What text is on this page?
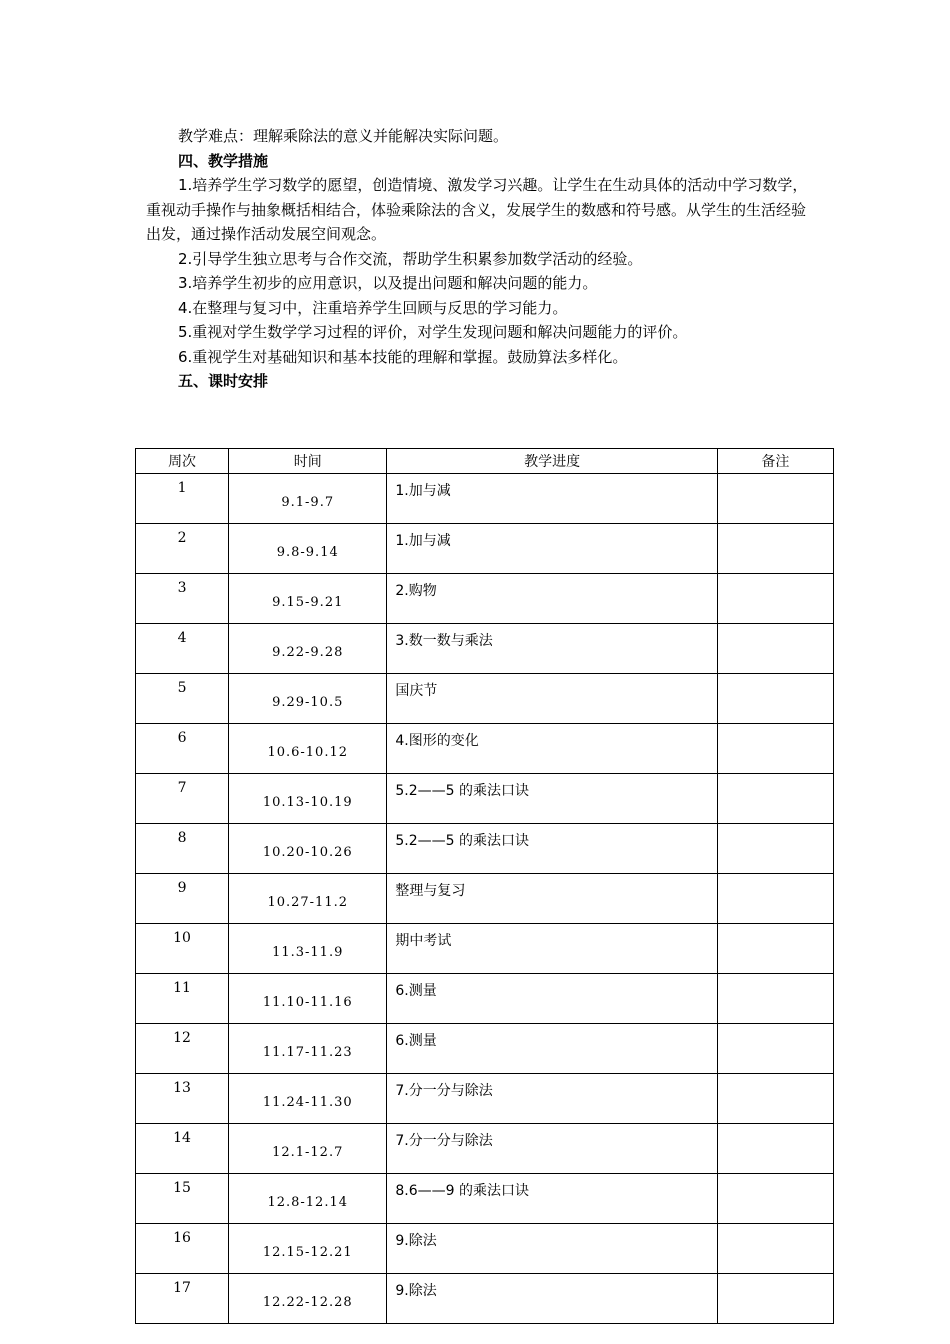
教学难点：理解乘除法的意义并能解决实际问题。

四、教学措施

1.培养学生学习数学的愿望，创造情境、激发学习兴趣。让学生在生动具体的活动中学习数学，重视动手操作与抽象概括相结合，体验乘除法的含义，发展学生的数感和符号感。从学生的生活经验出发，通过操作活动发展空间观念。

2.引导学生独立思考与合作交流，帮助学生积累参加数学活动的经验。

3.培养学生初步的应用意识，以及提出问题和解决问题的能力。

4.在整理与复习中，注重培养学生回顾与反思的学习能力。

5.重视对学生数学学习过程的评价，对学生发现问题和解决问题能力的评价。

6.重视学生对基础知识和基本技能的理解和掌握。鼓励算法多样化。

五、课时安排

周次	时间	教学进度	备注
1	9.1-9.7	1.加与减	
2	9.8-9.14	1.加与减	
3	9.15-9.21	2.购物	
4	9.22-9.28	3.数一数与乘法	
5	9.29-10.5	国庆节	
6	10.6-10.12	4.图形的变化	
7	10.13-10.19	5.2——5 的乘法口诀	
8	10.20-10.26	5.2——5 的乘法口诀	
9	10.27-11.2	整理与复习	
10	11.3-11.9	期中考试	
11	11.10-11.16	6.测量	
12	11.17-11.23	6.测量	
13	11.24-11.30	7.分一分与除法	
14	12.1-12.7	7.分一分与除法	
15	12.8-12.14	8.6——9 的乘法口诀	
16	12.15-12.21	9.除法	
17	12.22-12.28	9.除法	
